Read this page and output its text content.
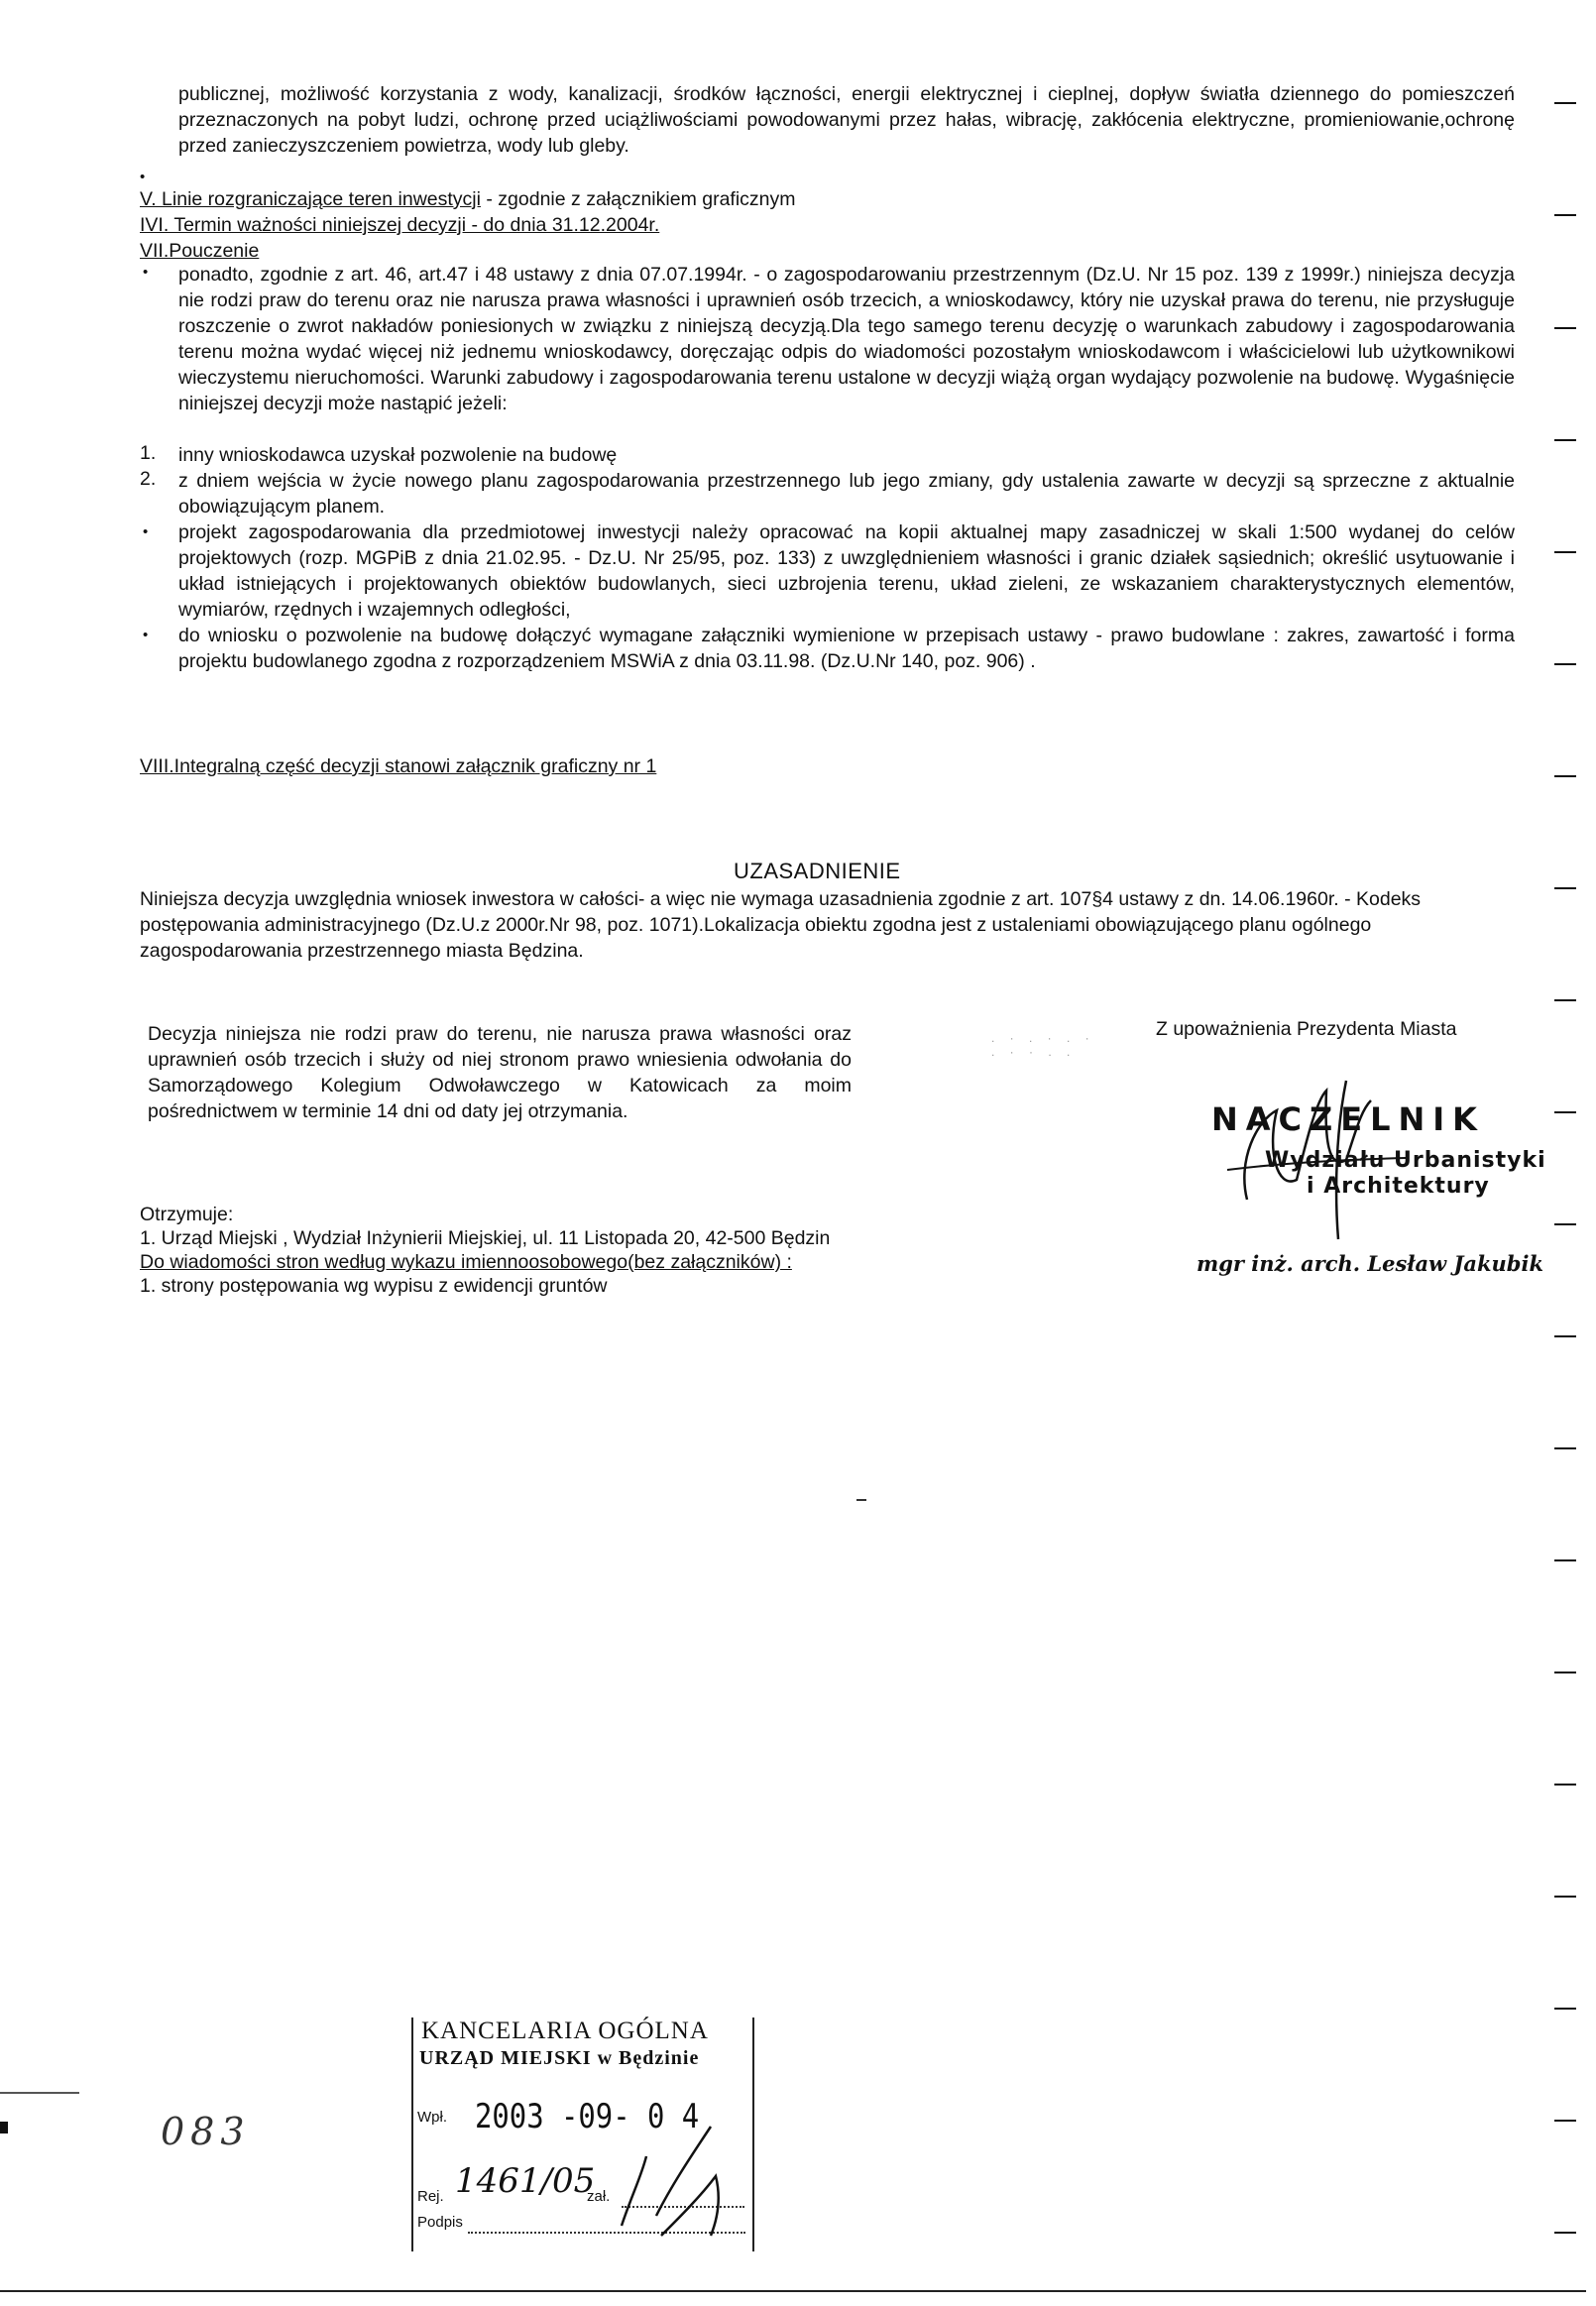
publicznej, możliwość korzystania z wody, kanalizacji, środków łączności, energii elektrycznej i cieplnej, dopływ światła dziennego do pomieszczeń przeznaczonych na pobyt ludzi, ochronę przed uciążliwościami powodowanymi przez hałas, wibrację, zakłócenia elektryczne, promieniowanie,ochronę przed zanieczyszczeniem powietrza, wody lub gleby.
•
V. Linie rozgraniczające teren inwestycji - zgodnie z załącznikiem graficznym
IVI. Termin ważności niniejszej decyzji - do dnia 31.12.2004r.
VII.Pouczenie
• ponadto, zgodnie z art. 46, art.47 i 48 ustawy z dnia 07.07.1994r. - o zagospodarowaniu przestrzennym (Dz.U. Nr 15 poz. 139 z 1999r.) niniejsza decyzja nie rodzi praw do terenu oraz nie narusza prawa własności i uprawnień osób trzecich, a wnioskodawcy, który nie uzyskał prawa do terenu, nie przysługuje roszczenie o zwrot nakładów poniesionych w związku z niniejszą decyzją.Dla tego samego terenu decyzję o warunkach zabudowy i zagospodarowania terenu można wydać więcej niż jednemu wnioskodawcy, doręczając odpis do wiadomości pozostałym wnioskodawcom i właścicielowi lub użytkownikowi wieczystemu nieruchomości. Warunki zabudowy i zagospodarowania terenu ustalone w decyzji wiążą organ wydający pozwolenie na budowę. Wygaśnięcie niniejszej decyzji może nastąpić jeżeli:
1. inny wnioskodawca uzyskał pozwolenie na budowę
2. z dniem wejścia w życie nowego planu zagospodarowania przestrzennego lub jego zmiany, gdy ustalenia zawarte w decyzji są sprzeczne z aktualnie obowiązującym planem.
• projekt zagospodarowania dla przedmiotowej inwestycji należy opracować na kopii aktualnej mapy zasadniczej w skali 1:500 wydanej do celów projektowych (rozp. MGPiB z dnia 21.02.95. - Dz.U. Nr 25/95, poz. 133) z uwzględnieniem własności i granic działek sąsiednich; określić usytuowanie i układ istniejących i projektowanych obiektów budowlanych, sieci uzbrojenia terenu, układ zieleni, ze wskazaniem charakterystycznych elementów, wymiarów, rzędnych i wzajemnych odległości,
• do wniosku o pozwolenie na budowę dołączyć wymagane załączniki wymienione w przepisach ustawy - prawo budowlane : zakres, zawartość i forma projektu budowlanego zgodna z rozporządzeniem MSWiA z dnia 03.11.98. (Dz.U.Nr 140, poz. 906) .
VIII.Integralną część decyzji stanowi załącznik graficzny nr 1
UZASADNIENIE
Niniejsza decyzja uwzględnia wniosek inwestora w całości- a więc nie wymaga uzasadnienia zgodnie z art. 107§4 ustawy z dn. 14.06.1960r. - Kodeks postępowania administracyjnego (Dz.U.z 2000r.Nr 98, poz. 1071).Lokalizacja obiektu zgodna jest z ustaleniami obowiązującego planu ogólnego zagospodarowania przestrzennego miasta Będzina.
Decyzja niniejsza nie rodzi praw do terenu, nie narusza prawa własności oraz uprawnień osób trzecich i służy od niej stronom prawo wniesienia odwołania do Samorządowego Kolegium Odwoławczego w Katowicach za moim pośrednictwem w terminie 14 dni od daty jej otrzymania.
. · . · . ·
. · · . .
Z upoważnienia Prezydenta Miasta
NACZELNIK
Wydziału Urbanistyki
i Architektury
mgr inż. arch. Lesław Jakubik
Otrzymuje:
1. Urząd Miejski , Wydział Inżynierii Miejskiej, ul. 11 Listopada 20, 42-500 Będzin
Do wiadomości stron według wykazu imiennoosobowego(bez załączników) :
1. strony postępowania wg wypisu z ewidencji gruntów
KANCELARIA OGÓLNA
URZĄD MIEJSKI w Będzinie
Wpł. 2003 -09- 0 4
Rej. 1461/05
zał.
Podpis
083
